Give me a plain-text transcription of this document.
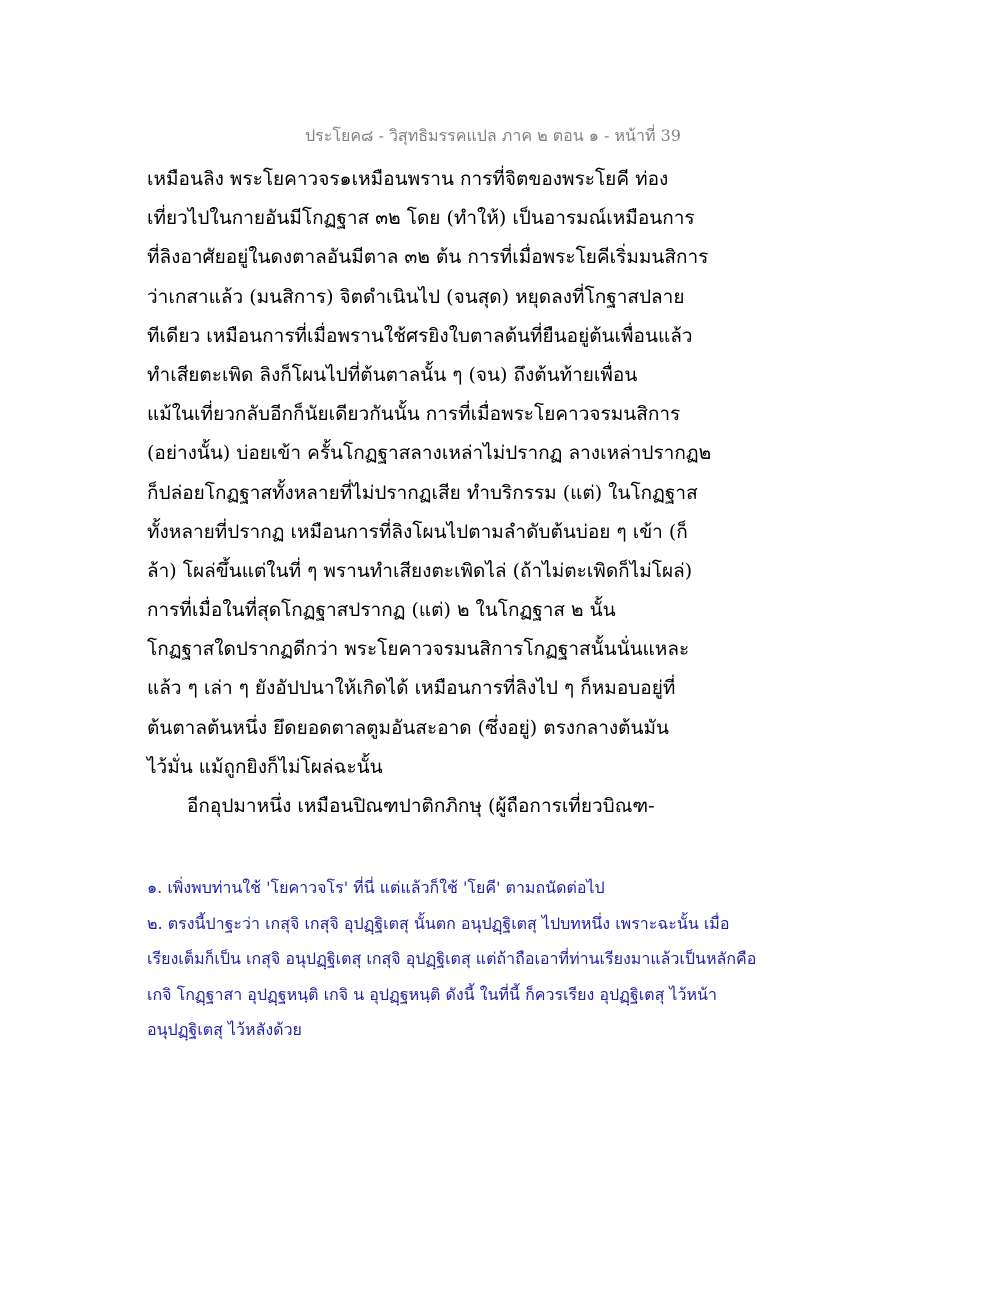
ประโยค๘ - วิสุทธิมรรคแปล ภาค ๒ ตอน ๑ - หน้าที่ 39
เหมือนลิง พระโยคาวจร๑เหมือนพราน การที่จิตของพระโยคี ท่อง
เที่ยวไปในกายอันมีโกฏฐาส ๓๒ โดย (ทำให้) เป็นอารมณ์เหมือนการ
ที่ลิงอาศัยอยู่ในดงตาลอันมีตาล ๓๒ ต้น การที่เมื่อพระโยคีเริ่มมนสิการ
ว่าเกสาแล้ว (มนสิการ) จิตดำเนินไป (จนสุด) หยุดลงที่โกฐาสปลาย
ทีเดียว เหมือนการที่เมื่อพรานใช้ศรยิงใบตาลต้นที่ยืนอยู่ต้นเพื่อนแล้ว
ทำเสียตะเพิด ลิงก็โผนไปที่ต้นตาลนั้น ๆ (จน) ถึงต้นท้ายเพื่อน
แม้ในเที่ยวกลับอีกก็นัยเดียวกันนั้น การที่เมื่อพระโยคาวจรมนสิการ
(อย่างนั้น) บ่อยเข้า ครั้นโกฏฐาสลางเหล่าไม่ปรากฏ ลางเหล่าปรากฏ๒
ก็ปล่อยโกฏฐาสทั้งหลายที่ไม่ปรากฏเสีย ทำบริกรรม (แต่) ในโกฏฐาส
ทั้งหลายที่ปรากฏ เหมือนการที่ลิงโผนไปตามลำดับต้นบ่อย ๆ เข้า (ก็
ล้า) โผล่ขึ้นแต่ในที่ ๆ พรานทำเสียงตะเพิดไล่ (ถ้าไม่ตะเพิดก็ไม่โผล่)
การที่เมื่อในที่สุดโกฏฐาสปรากฏ (แต่) ๒ ในโกฏฐาส ๒ นั้น
โกฏฐาสใดปรากฏดีกว่า พระโยคาวจรมนสิการโกฏฐาสนั้นนั่นแหละ
แล้ว ๆ เล่า ๆ ยังอัปปนาให้เกิดได้ เหมือนการที่ลิงไป ๆ ก็หมอบอยู่ที่
ต้นตาลต้นหนึ่ง ยึดยอดตาลตูมอันสะอาด (ซึ่งอยู่) ตรงกลางต้นมัน
ไว้มั่น แม้ถูกยิงก็ไม่โผล่ฉะนั้น
อีกอุปมาหนึ่ง เหมือนปิณฑปาติกภิกษุ (ผู้ถือการเที่ยวบิณฑ-
๑. เพิ่งพบท่านใช้ 'โยคาวจโร' ที่นี่ แต่แล้วก็ใช้ 'โยคี' ตามถนัดต่อไป
๒. ตรงนี้ปาฐะว่า เกสุจิ เกสุจิ อุปฏฺฐิเตสุ นั้นตก อนุปฏฺฐิเตสุ ไปบทหนึ่ง เพราะฉะนั้น เมื่อ
เรียงเต็มก็เป็น เกสุจิ อนุปฏฺฐิเตสุ เกสุจิ อุปฏฺฐิเตสุ แต่ถ้าถือเอาที่ท่านเรียงมาแล้วเป็นหลักคือ
เกจิ โกฏฺฐาสา อุปฏฺฐหนฺติ เกจิ น อุปฏฺฐหนฺติ ดังนี้ ในที่นี้ ก็ควรเรียง อุปฏฺฐิเตสุ ไว้หน้า
อนุปฏฺฐิเตสุ ไว้หลังด้วย
